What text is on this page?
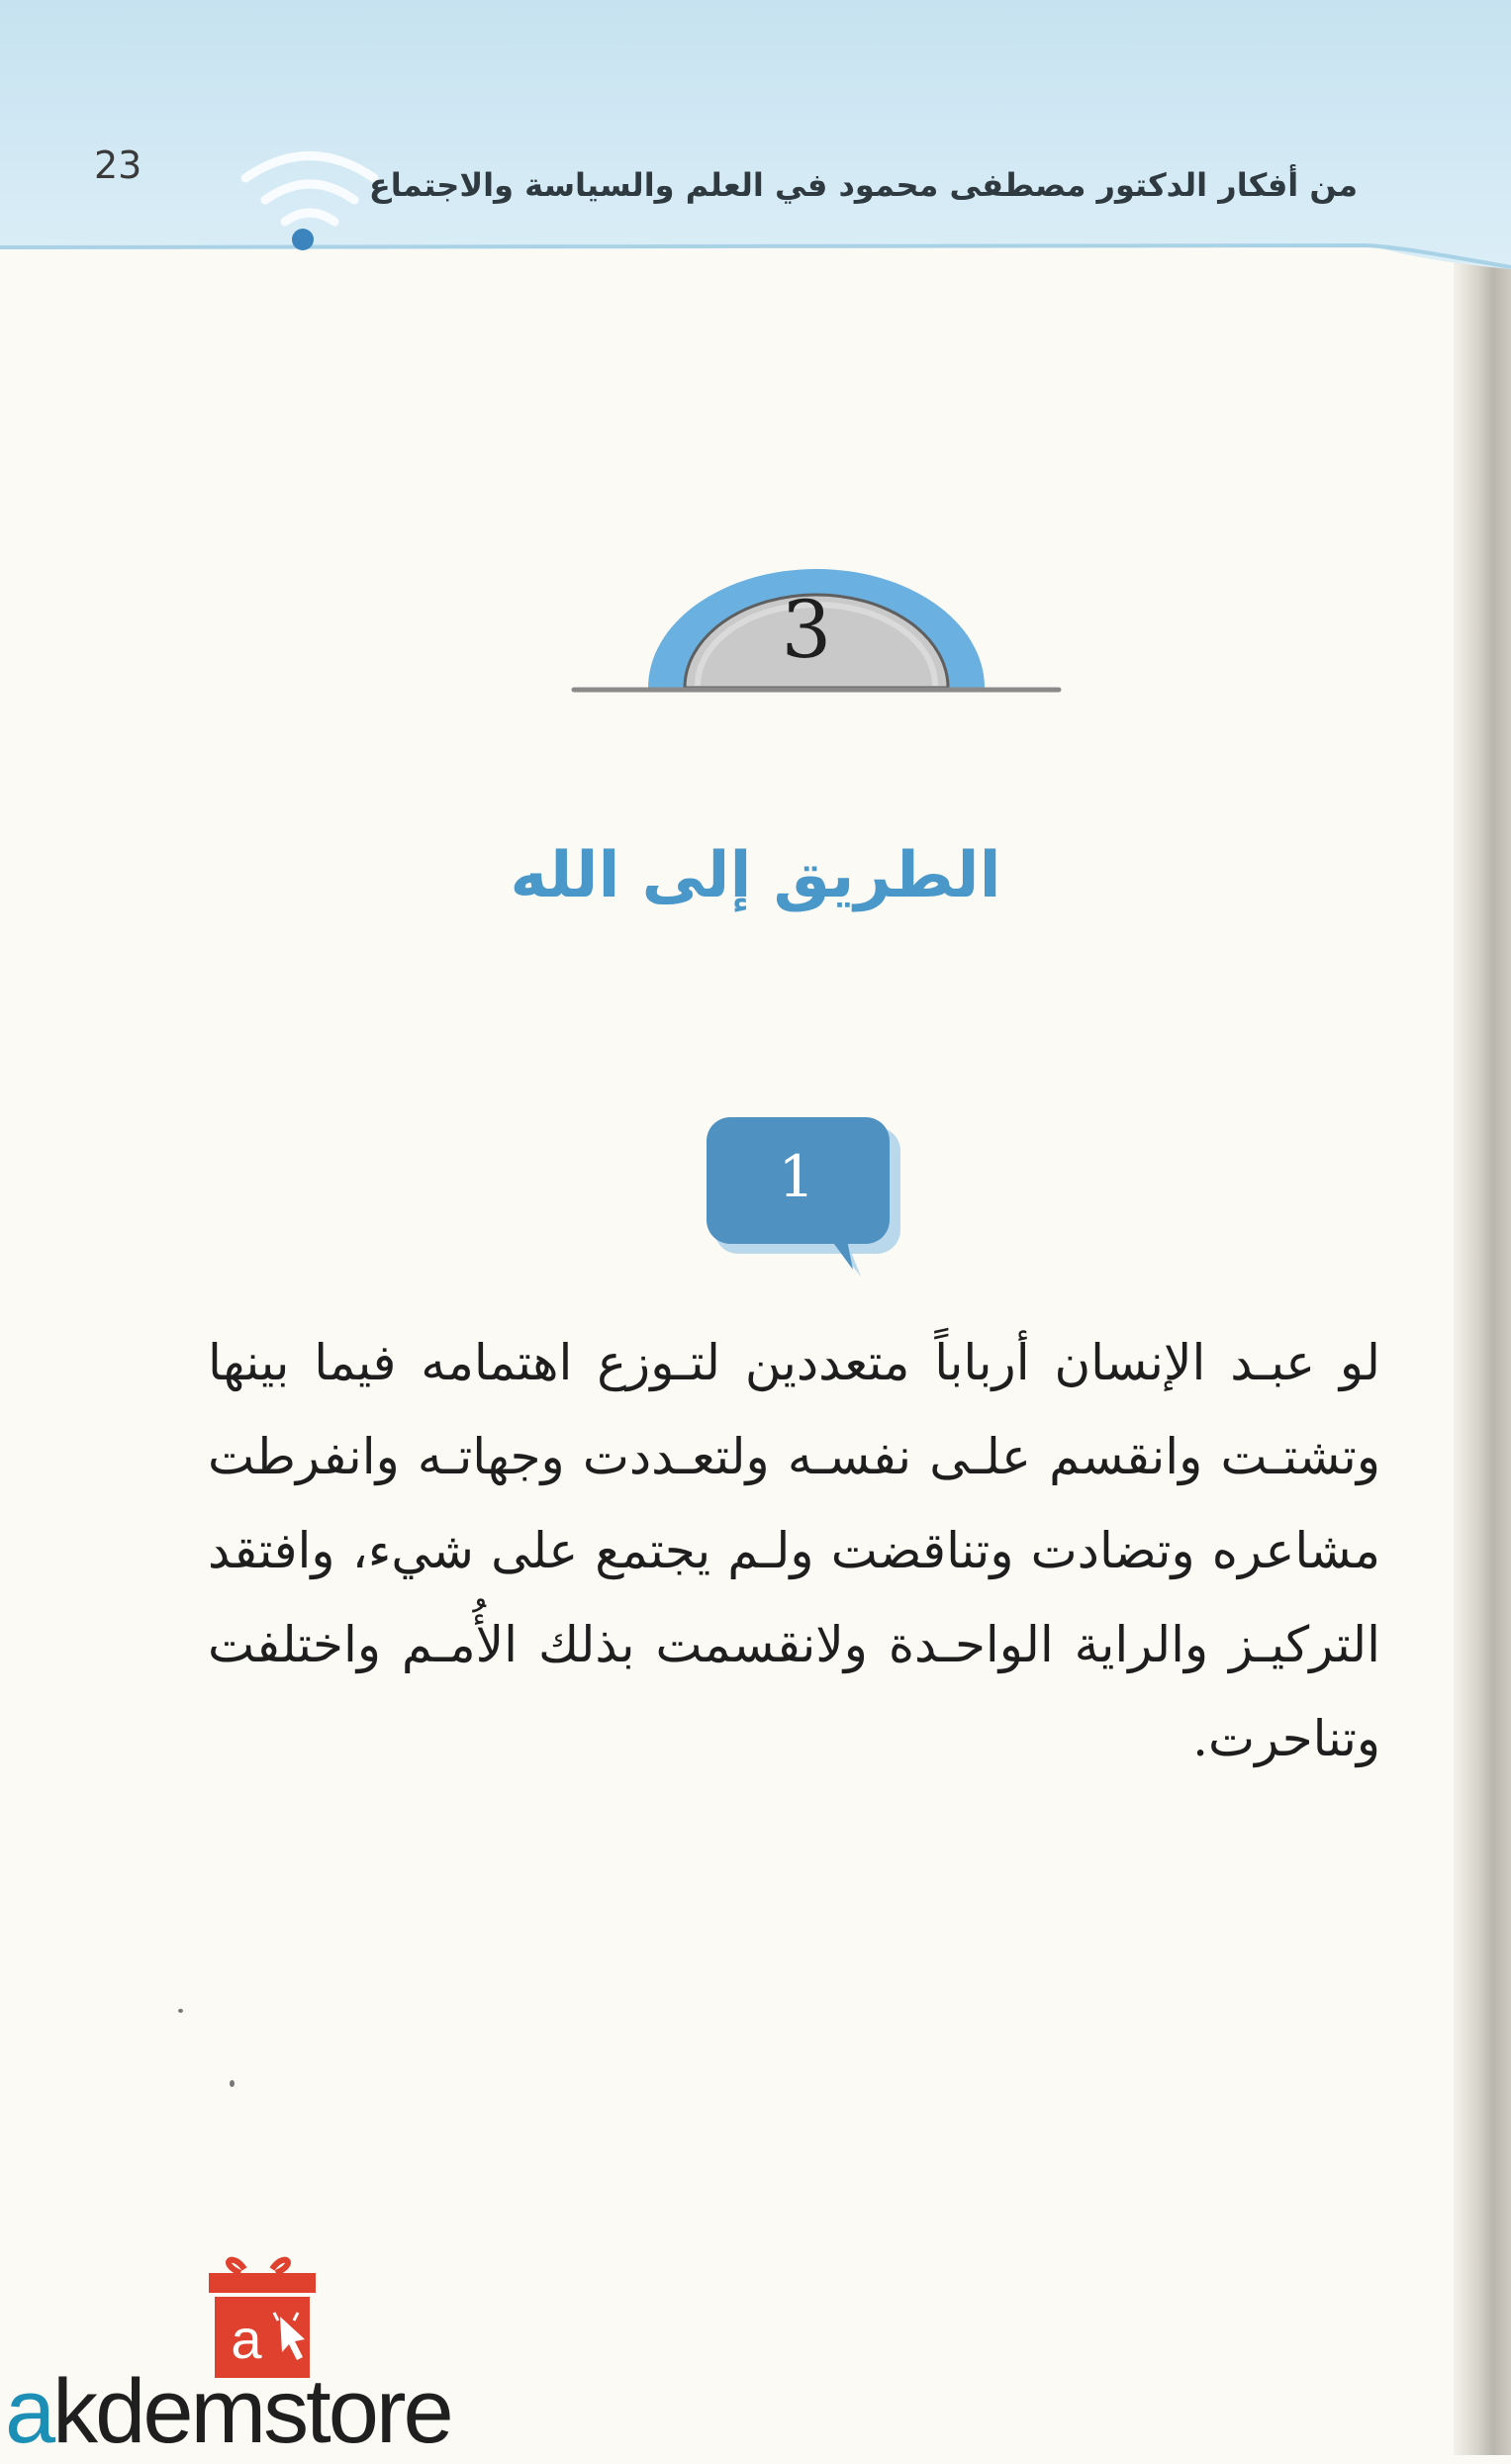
23	من أفكار الدكتور مصطفى محمود في العلم والسياسة والاجتماع
3
الطريق إلى الله
1
لو عبـد الإنسان أرباباً متعددين لتـوزع اهتمامه فيما بينها وتشتـت وانقسم علـى نفسـه ولتعـددت وجهاتـه وانفرطت مشاعره وتضادت وتناقضت ولـم يجتمع على شيء، وافتقد التركيـز والراية الواحـدة ولانقسمت بذلك الأُمـم واختلفت وتناحرت.
a
akdemstore
